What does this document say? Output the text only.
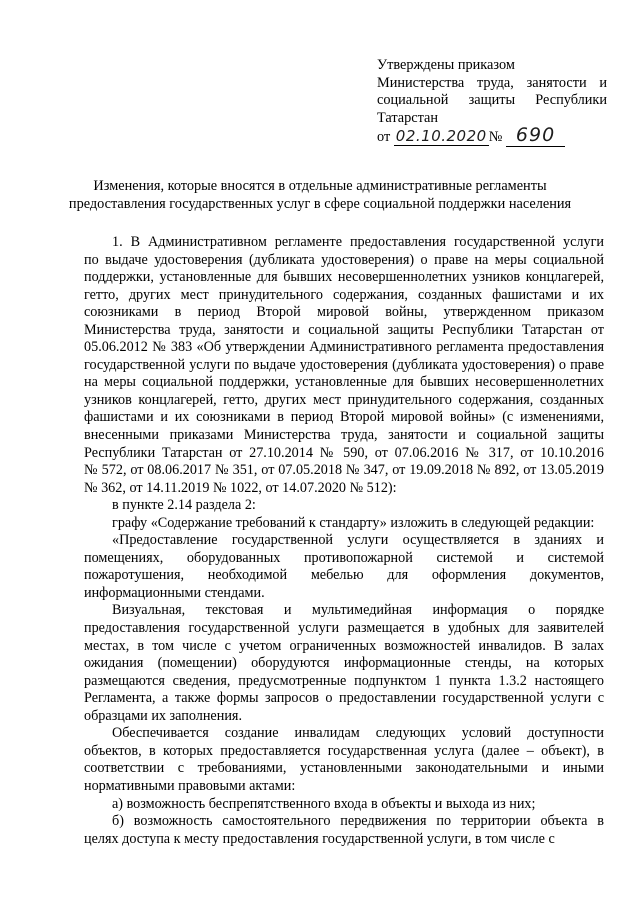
Утверждены приказом
Министерства труда, занятости и
социальной защиты Республики
Татарстан
от 02.10.2020 № 690
Изменения, которые вносятся в отдельные административные регламенты
предоставления государственных услуг в сфере социальной поддержки населения
1. В Административном регламенте предоставления государственной услуги
по выдаче удостоверения (дубликата удостоверения) о праве на меры социальной
поддержки, установленные для бывших несовершеннолетних узников концлагерей,
гетто, других мест принудительного содержания, созданных фашистами и их
союзниками в период Второй мировой войны, утвержденном приказом
Министерства труда, занятости и социальной защиты Республики Татарстан от
05.06.2012 № 383 «Об утверждении Административного регламента предоставления
государственной услуги по выдаче удостоверения (дубликата удостоверения) о праве
на меры социальной поддержки, установленные для бывших несовершеннолетних
узников концлагерей, гетто, других мест принудительного содержания, созданных
фашистами и их союзниками в период Второй мировой войны» (с изменениями,
внесенными приказами Министерства труда, занятости и социальной защиты
Республики Татарстан от 27.10.2014 № 590, от 07.06.2016 № 317, от 10.10.2016
№ 572, от 08.06.2017 № 351, от 07.05.2018 № 347, от 19.09.2018 № 892, от 13.05.2019
№ 362, от 14.11.2019 № 1022, от 14.07.2020 № 512):
в пункте 2.14 раздела 2:
графу «Содержание требований к стандарту» изложить в следующей редакции:
«Предоставление государственной услуги осуществляется в зданиях и
помещениях, оборудованных противопожарной системой и системой
пожаротушения, необходимой мебелью для оформления документов,
информационными стендами.
Визуальная, текстовая и мультимедийная информация о порядке
предоставления государственной услуги размещается в удобных для заявителей
местах, в том числе с учетом ограниченных возможностей инвалидов. В залах
ожидания (помещении) оборудуются информационные стенды, на которых
размещаются сведения, предусмотренные подпунктом 1 пункта 1.3.2 настоящего
Регламента, а также формы запросов о предоставлении государственной услуги с
образцами их заполнения.
Обеспечивается создание инвалидам следующих условий доступности
объектов, в которых предоставляется государственная услуга (далее – объект), в
соответствии с требованиями, установленными законодательными и иными
нормативными правовыми актами:
а) возможность беспрепятственного входа в объекты и выхода из них;
б) возможность самостоятельного передвижения по территории объекта в
целях доступа к месту предоставления государственной услуги, в том числе с
